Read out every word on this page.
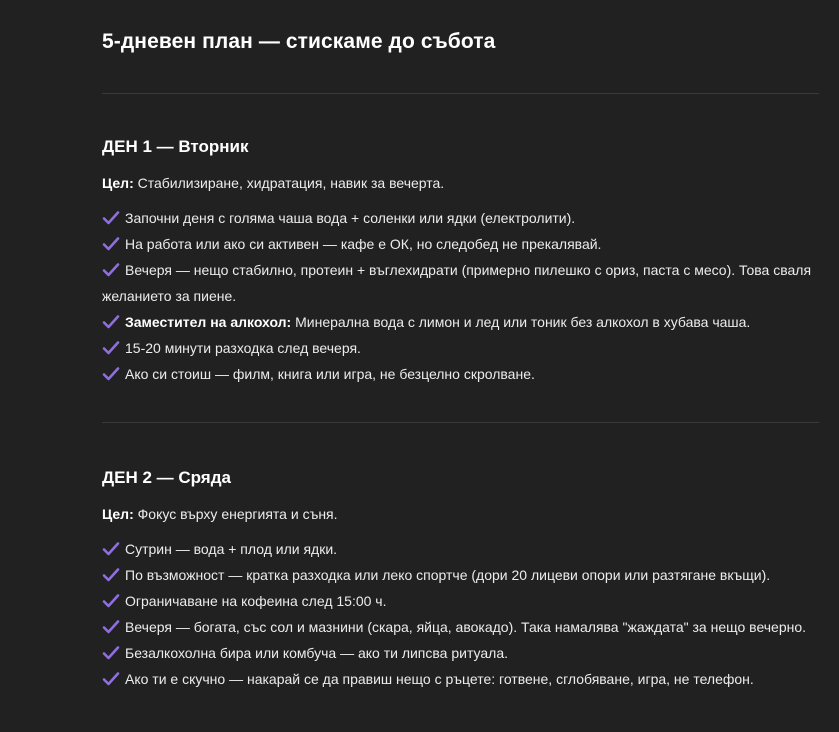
5-дневен план — стискаме до събота
ДЕН 1 — Вторник

Цел: Стабилизиране, хидратация, навик за вечерта.

Започни деня с голяма чаша вода + соленки или ядки (електролити).
На работа или ако си активен — кафе е ОК, но следобед не прекалявай.
Вечеря — нещо стабилно, протеин + въглехидрати (примерно пилешко с ориз, паста с месо). Това сваля желанието за пиене.
Заместител на алкохол: Минерална вода с лимон и лед или тоник без алкохол в хубава чаша.
15-20 минути разходка след вечеря.
Ако си стоиш — филм, книга или игра, не безцелно скролване.
ДЕН 2 — Сряда

Цел: Фокус върху енергията и съня.

Сутрин — вода + плод или ядки.
По възможност — кратка разходка или леко спортче (дори 20 лицеви опори или разтягане вкъщи).
Ограничаване на кофеина след 15:00 ч.
Вечеря — богата, със сол и мазнини (скара, яйца, авокадо). Така намалява "жаждата" за нещо вечерно.
Безалкохолна бира или комбуча — ако ти липсва ритуала.
Ако ти е скучно — накарай се да правиш нещо с ръцете: готвене, сглобяване, игра, не телефон.
